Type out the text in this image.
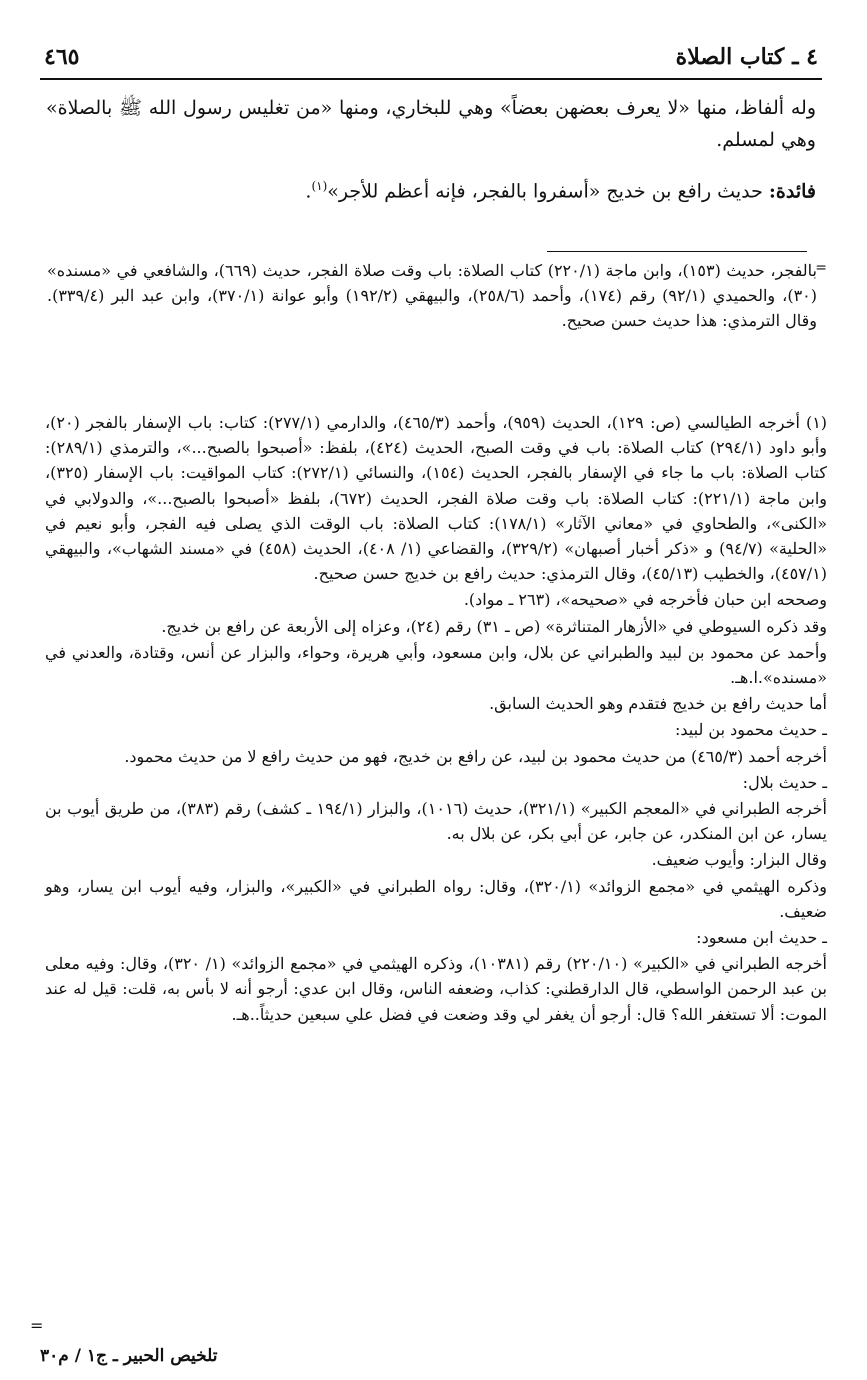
٤ ـ كتاب الصلاة
٤٦٥

وله ألفاظ، منها «لا يعرف بعضهن بعضاً» وهي للبخاري، ومنها «من تغليس رسول الله ﷺ بالصلاة» وهي لمسلم.

فائدة: حديث رافع بن خديج «أسفروا بالفجر، فإنه أعظم للأجر»$^{(١)}$.

=

بالفجر، حديث (١٥٣)، وابن ماجة (٢٢٠/١) كتاب الصلاة: باب وقت صلاة الفجر، حديث (٦٦٩)، والشافعي في «مسنده» (٣٠)، والحميدي (٩٢/١) رقم (١٧٤)، وأحمد (٢٥٨/٦)، والبيهقي (١٩٢/٢) وأبو عوانة (٣٧٠/١)، وابن عبد البر (٣٣٩/٤). وقال الترمذي: هذا حديث حسن صحيح.

(١)أخرجه الطيالسي (ص: ١٢٩)، الحديث (٩٥٩)، وأحمد (٤٦٥/٣)، والدارمي (٢٧٧/١): كتاب: باب الإسفار بالفجر (٢٠)، وأبو داود (٢٩٤/١) كتاب الصلاة: باب في وقت الصبح، الحديث (٤٢٤)، بلفظ: «أصبحوا بالصبح...»، والترمذي (٢٨٩/١): كتاب الصلاة: باب ما جاء في الإسفار بالفجر، الحديث (١٥٤)، والنسائي (٢٧٢/١): كتاب المواقيت: باب الإسفار (٣٢٥)، وابن ماجة (٢٢١/١): كتاب الصلاة: باب وقت صلاة الفجر، الحديث (٦٧٢)، بلفظ «أصبحوا بالصبح...»، والدولابي في «الكنى»، والطحاوي في «معاني الآثار» (١٧٨/١): كتاب الصلاة: باب الوقت الذي يصلى فيه الفجر، وأبو نعيم في «الحلية» (٩٤/٧) و «ذكر أخبار أصبهان» (٣٢٩/٢)، والقضاعي (١/ ٤٠٨)، الحديث (٤٥٨) في «مسند الشهاب»، والبيهقي (٤٥٧/١)، والخطيب (٤٥/١٣)، وقال الترمذي: حديث رافع بن خديج حسن صحيح.

وصححه ابن حبان فأخرجه في «صحيحه»، (٢٦٣ ـ مواد).

وقد ذكره السيوطي في «الأزهار المتناثرة» (ص ـ ٣١) رقم (٢٤)، وعزاه إلى الأربعة عن رافع بن خديج.

وأحمد عن محمود بن لبيد والطبراني عن بلال، وابن مسعود، وأبي هريرة، وحواء، والبزار عن أنس، وقتادة، والعدني في «مسنده».ا.هـ.

أما حديث رافع بن خديج فتقدم وهو الحديث السابق.

ـ حديث محمود بن لبيد:

أخرجه أحمد (٤٦٥/٣) من حديث محمود بن لبيد، عن رافع بن خديج، فهو من حديث رافع لا من حديث محمود.

ـ حديث بلال:

أخرجه الطبراني في «المعجم الكبير» (٣٢١/١)، حديث (١٠١٦)، والبزار (١٩٤/١ ـ كشف) رقم (٣٨٣)، من طريق أيوب بن يسار، عن ابن المنكدر، عن جابر، عن أبي بكر، عن بلال به.

وقال البزار: وأيوب ضعيف.

وذكره الهيثمي في «مجمع الزوائد» (٣٢٠/١)، وقال: رواه الطبراني في «الكبير»، والبزار، وفيه أيوب ابن يسار، وهو ضعيف.

ـ حديث ابن مسعود:

أخرجه الطبراني في «الكبير» (٢٢٠/١٠) رقم (١٠٣٨١)، وذكره الهيثمي في «مجمع الزوائد» (١/ ٣٢٠)، وقال: وفيه معلى بن عبد الرحمن الواسطي، قال الدارقطني: كذاب، وضعفه الناس، وقال ابن عدي: أرجو أنه لا بأس به، قلت: قيل له عند الموت: ألا تستغفر الله؟ قال: أرجو أن يغفر لي وقد وضعت في فضل علي سبعين حديثاً..هـ.

=
تلخيص الحبير ـ ج١ / م٣٠
